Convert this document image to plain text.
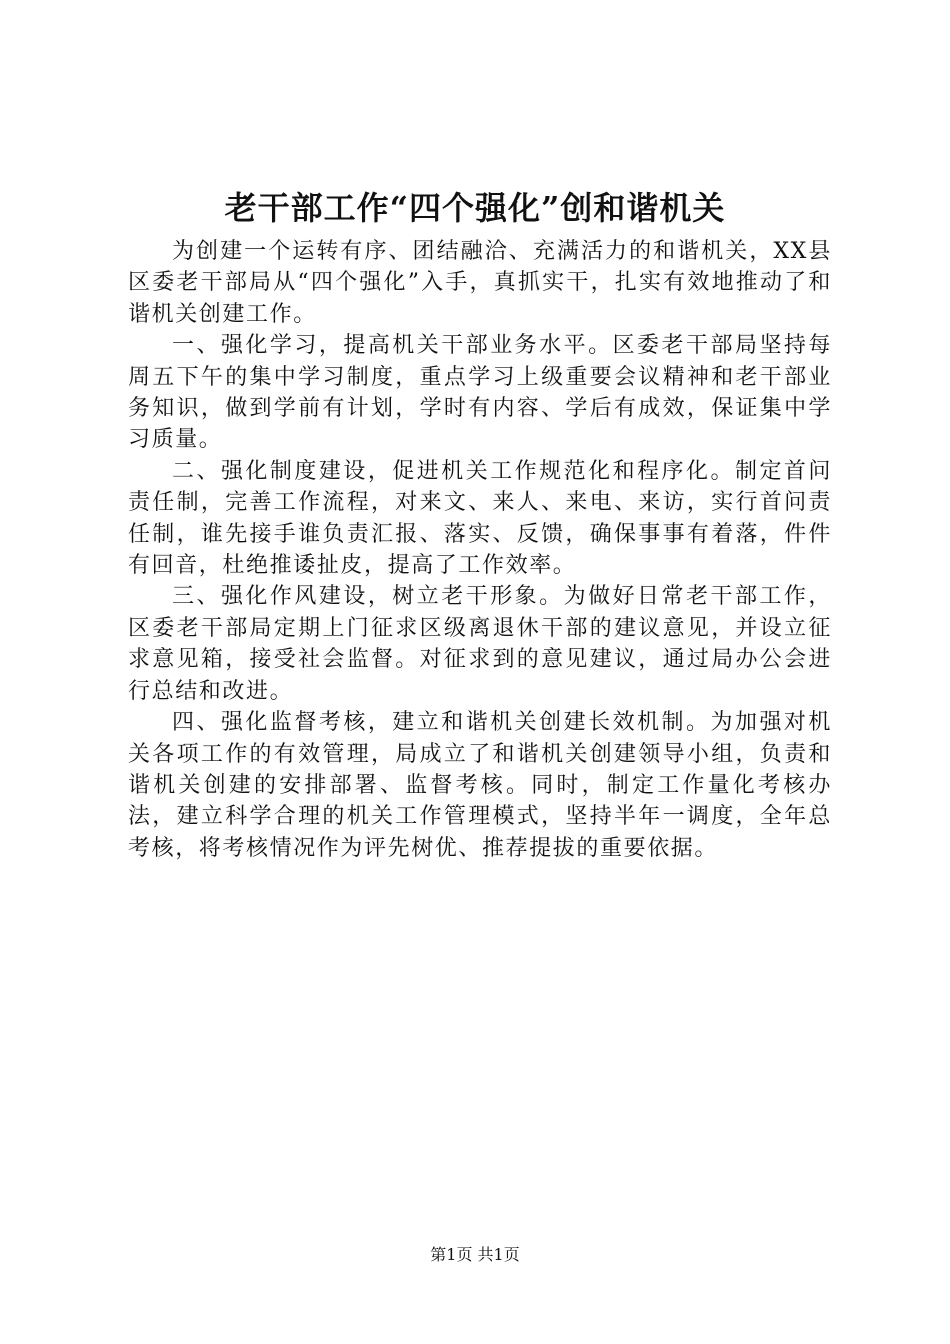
老干部工作“四个强化”创和谐机关

为创建一个运转有序、团结融洽、充满活力的和谐机关，XX县区委老干部局从“四个强化”入手，真抓实干，扎实有效地推动了和谐机关创建工作。

一、强化学习，提高机关干部业务水平。区委老干部局坚持每周五下午的集中学习制度，重点学习上级重要会议精神和老干部业务知识，做到学前有计划，学时有内容、学后有成效，保证集中学习质量。

二、强化制度建设，促进机关工作规范化和程序化。制定首问责任制，完善工作流程，对来文、来人、来电、来访，实行首问责任制，谁先接手谁负责汇报、落实、反馈，确保事事有着落，件件有回音，杜绝推诿扯皮，提高了工作效率。

三、强化作风建设，树立老干形象。为做好日常老干部工作，区委老干部局定期上门征求区级离退休干部的建议意见，并设立征求意见箱，接受社会监督。对征求到的意见建议，通过局办公会进行总结和改进。

四、强化监督考核，建立和谐机关创建长效机制。为加强对机关各项工作的有效管理，局成立了和谐机关创建领导小组，负责和谐机关创建的安排部署、监督考核。同时，制定工作量化考核办法，建立科学合理的机关工作管理模式，坚持半年一调度，全年总考核，将考核情况作为评先树优、推荐提拔的重要依据。

第1页 共1页
